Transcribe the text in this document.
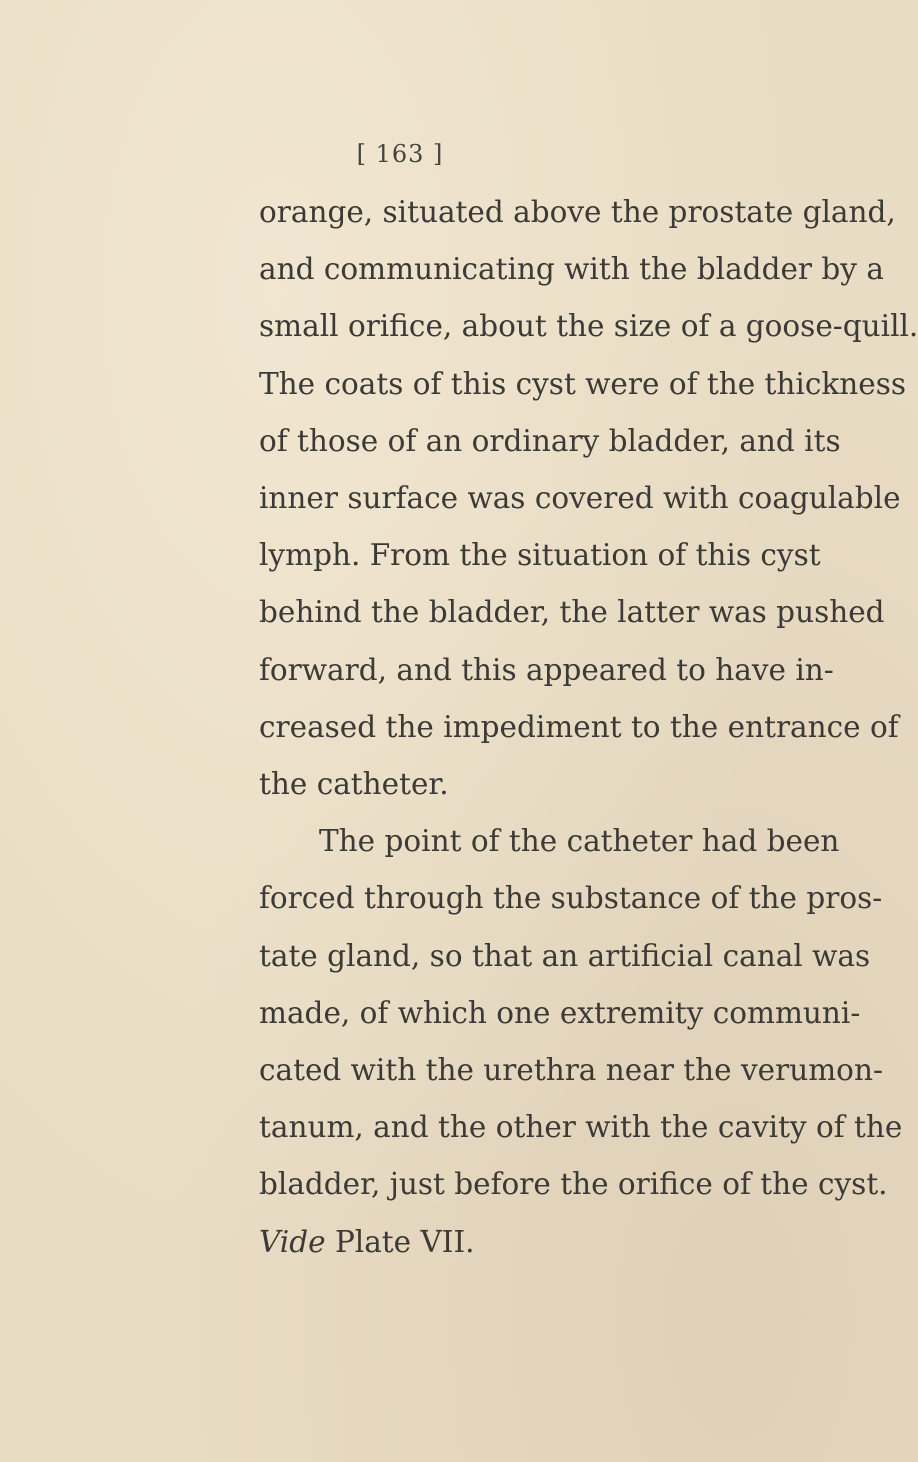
[ 163 ]
orange, situated above the prostate gland,
and communicating with the bladder by a
small orifice, about the size of a goose-quill.
The coats of this cyst were of the thickness
of those of an ordinary bladder, and its
inner surface was covered with coagulable
lymph. From the situation of this cyst
behind the bladder, the latter was pushed
forward, and this appeared to have in-
creased the impediment to the entrance of
the catheter.
The point of the catheter had been
forced through the substance of the pros-
tate gland, so that an artificial canal was
made, of which one extremity communi-
cated with the urethra near the verumon-
tanum, and the other with the cavity of the
bladder, just before the orifice of the cyst.
Vide Plate VII.
